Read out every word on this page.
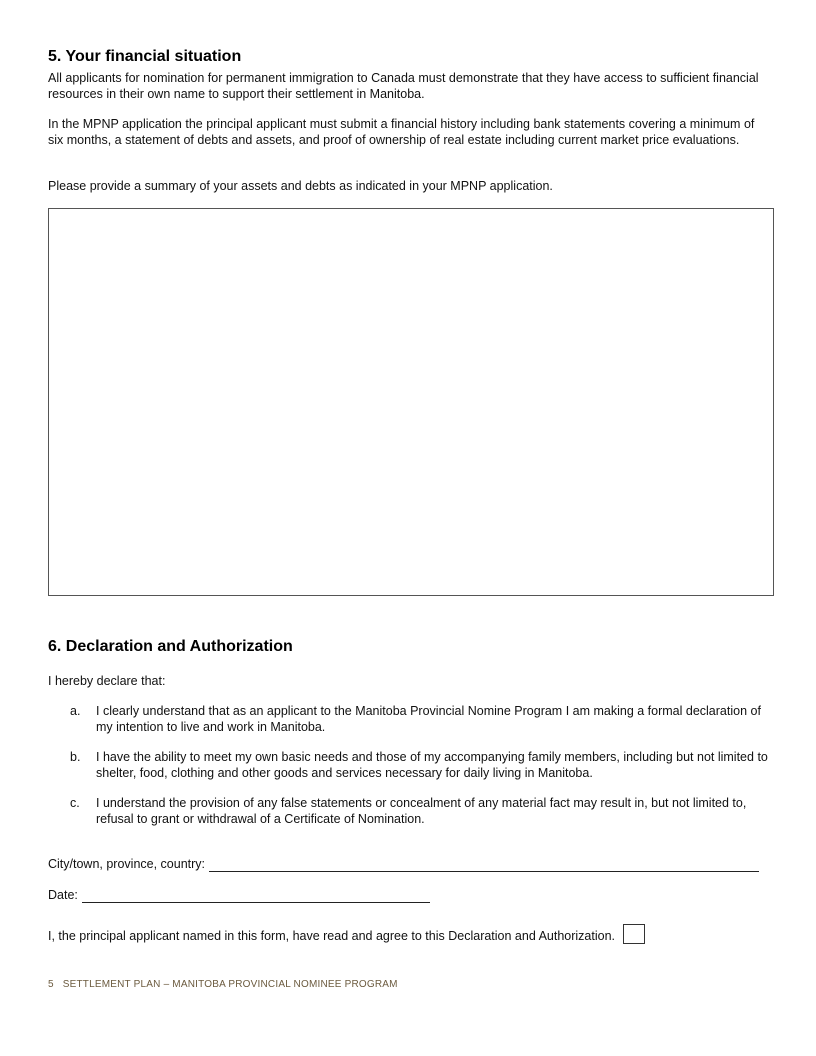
5. Your financial situation

All applicants for nomination for permanent immigration to Canada must demonstrate that they have access to sufficient financial resources in their own name to support their settlement in Manitoba.

In the MPNP application the principal applicant must submit a financial history including bank statements covering a minimum of six months, a statement of debts and assets, and proof of ownership of real estate including current market price evaluations.

Please provide a summary of your assets and debts as indicated in your MPNP application.

6. Declaration and Authorization

I hereby declare that:

a. I clearly understand that as an applicant to the Manitoba Provincial Nomine Program I am making a formal declaration of my intention to live and work in Manitoba.
b. I have the ability to meet my own basic needs and those of my accompanying family members, including but not limited to shelter, food, clothing and other goods and services necessary for daily living in Manitoba.
c. I understand the provision of any false statements or concealment of any material fact may result in, but not limited to, refusal to grant or withdrawal of a Certificate of Nomination.
City/town, province, country:
Date:
I, the principal applicant named in this form, have read and agree to this Declaration and Authorization.
5 SETTLEMENT PLAN – MANITOBA PROVINCIAL NOMINEE PROGRAM
